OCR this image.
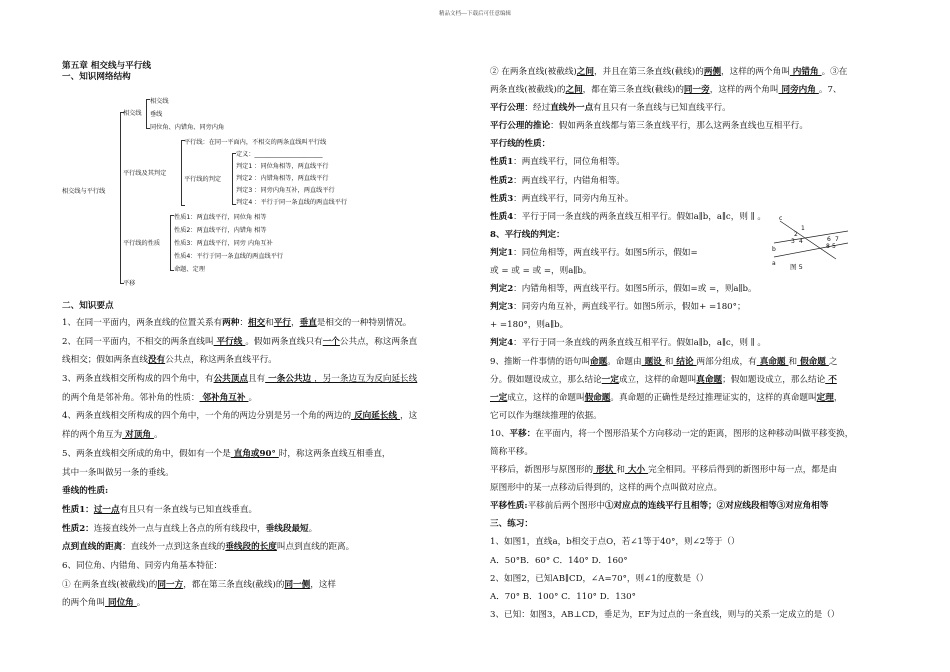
精品文档---下载后可任意编辑

第五章 相交线与平行线

一、知识网络结构

相交线与平行线
相交线
相交线
垂线
同位角、内错角、同旁内角
平行线及其判定
平行线：在同一平面内，不相交的两条直线叫平行线
平行线的判定
定义：______________________
判定1 ：同位角相等，两直线平行
判定2 ：内错角相等，两直线平行
判定3 ：同旁内角互补，两直线平行
判定4 ：平行于同一条直线的两直线平行
平行线的性质
性质1：两直线平行，同位角 相等
性质2：两直线平行，内错角 相等
性质3：两直线平行，同旁 内角互补
性质4：平行于同一条直线的两直线平行
命题、定理
平移

二、知识要点

1、在同一平面内，两条直线的位置关系有两种：相交和平行，垂直是相交的一种特别情况。

2、在同一平面内，不相交的两条直线叫 平行线 。假如两条直线只有一个公共点，称这两条直

线相交；假如两条直线没有公共点，称这两条直线平行。

3、两条直线相交所构成的四个角中，有公共顶点且有 一条公共边 ，另一条边互为反向延长线

的两个角是邻补角。邻补角的性质： 邻补角互补 。

4、两条直线相交所构成的四个角中，一个角的两边分别是另一个角的两边的 反向延长线 ，这

样的两个角互为 对顶角 。

5、两条直线相交所成的角中，假如有一个是 直角或90° 时，称这两条直线互相垂直，

其中一条叫做另一条的垂线。

垂线的性质:

性质1：过一点有且只有一条直线与已知直线垂直。

性质2：连接直线外一点与直线上各点的所有线段中，垂线段最短。

点到直线的距离：直线外一点到这条直线的垂线段的长度叫点到直线的距离。

6、同位角、内错角、同旁内角基本特征：

① 在两条直线(被截线)的同一方，都在第三条直线(截线)的同一侧，这样

的两个角叫 同位角 。

② 在两条直线(被截线)之间，并且在第三条直线(截线)的两侧，这样的两个角叫 内错角 。③在

两条直线(被截线)的之间，都在第三条直线(截线)的同一旁，这样的两个角叫 同旁内角 。7、

平行公理：经过直线外一点有且只有一条直线与已知直线平行。

平行公理的推论：假如两条直线都与第三条直线平行，那么这两条直线也互相平行。

平行线的性质：

性质1：两直线平行，同位角相等。

性质2：两直线平行，内错角相等。

性质3：两直线平行，同旁内角互补。

性质4：平行于同一条直线的两条直线互相平行。假如a∥b，a∥c，则 ∥ 。

8、平行线的判定：

判定1：同位角相等，两直线平行。如图5所示，假如=

或 = 或 = 或 =，则a∥b。

判定2：内错角相等，两直线平行。如图5所示，假如=或 =，则a∥b。

判定3：同旁内角互补，两直线平行。如图5所示，假如+ =180°；

+ =180°，则a∥b。

判定4：平行于同一条直线的两条直线互相平行。假如a∥b，a∥c，则 ∥ 。

9、推断一件事情的语句叫命题。命题由 题设 和 结论 两部分组成，有 真命题 和 假命题 之

分。假如题设成立，那么结论一定成立，这样的命题叫真命题；假如题设成立，那么结论 不

一定成立，这样的命题叫假命题。真命题的正确性是经过推理证实的，这样的真命题叫定理，

它可以作为继续推理的依据。

10、平移：在平面内，将一个图形沿某个方向移动一定的距离，图形的这种移动叫做平移变换，

简称平移。

平移后，新图形与原图形的 形状 和 大小 完全相同。平移后得到的新图形中每一点，都是由

原图形中的某一点移动后得到的，这样的两个点叫做对应点。

平移性质:平移前后两个图形中①对应点的连线平行且相等；②对应线段相等③对应角相等

三、练习：

1、如图1，直线a，b相交于点O，若∠1等于40°，则∠2等于（）

A．50°B．60° C．140° D．160°

2、如图2，已知AB∥CD，∠A=70°，则∠1的度数是（）

A．70° B．100° C．110° D．130°

3、已知：如图3，AB⊥CD，垂足为，EF为过点的一条直线，则与的关系一定成立的是（）

a
b
c
1
2
3 4
5
6 7
8
图 5
